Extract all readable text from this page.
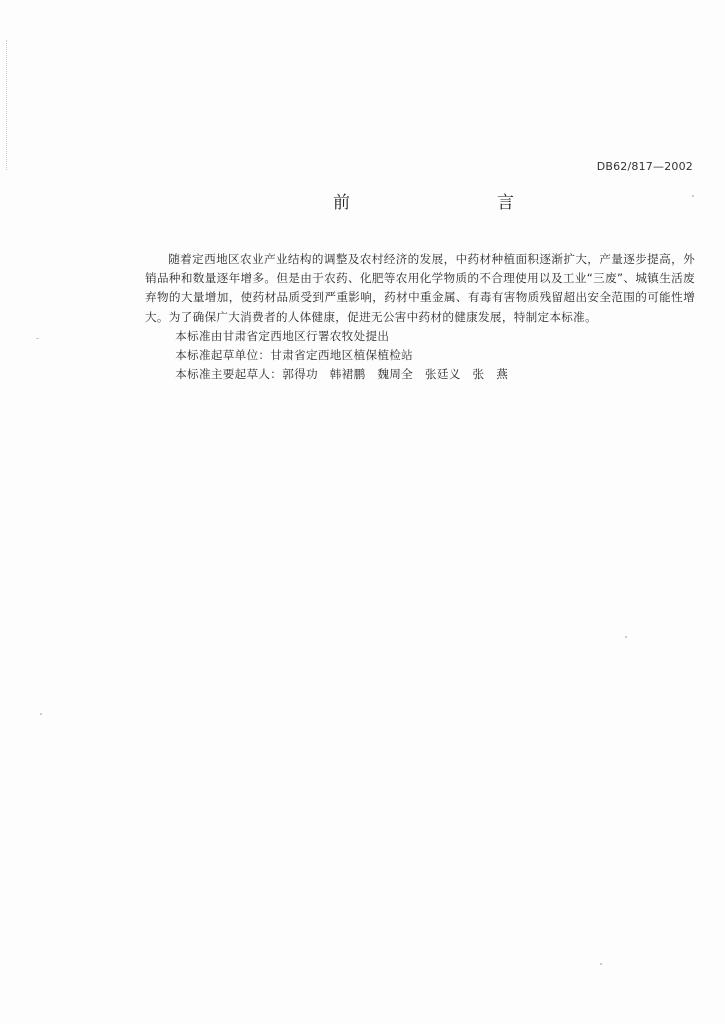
DB62/817—2002
前	言

随着定西地区农业产业结构的调整及农村经济的发展，中药材种植面积逐渐扩大，产量逐步提高，外销品种和数量逐年增多。但是由于农药、化肥等农用化学物质的不合理使用以及工业“三废”、城镇生活废弃物的大量增加，使药材品质受到严重影响，药材中重金属、有毒有害物质残留超出安全范围的可能性增大。为了确保广大消费者的人体健康，促进无公害中药材的健康发展，特制定本标准。

本标准由甘肃省定西地区行署农牧处提出

本标准起草单位：甘肃省定西地区植保植检站

本标准主要起草人：郭得功　韩裙鹏　魏周全　张廷义　张　燕
